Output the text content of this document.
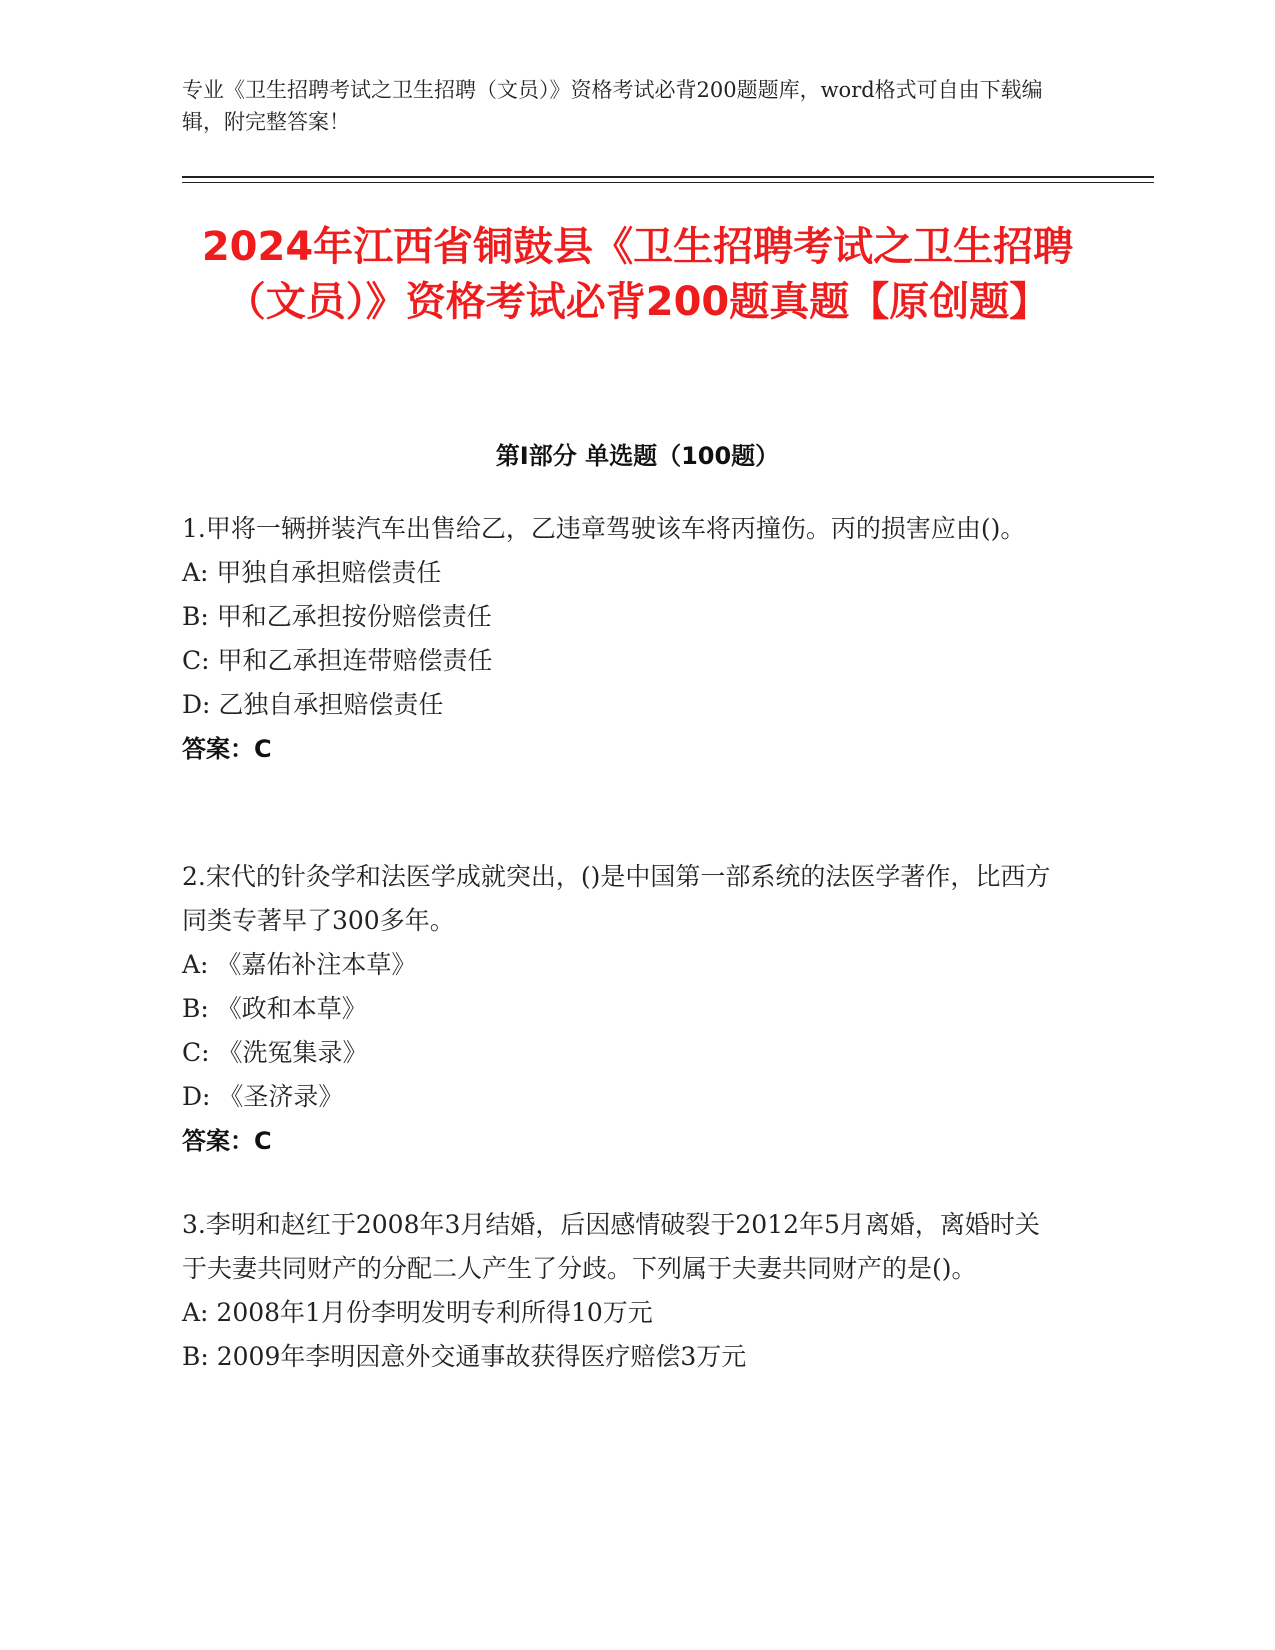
专业《卫生招聘考试之卫生招聘（文员）》资格考试必背200题题库，word格式可自由下载编辑，附完整答案！
2024年江西省铜鼓县《卫生招聘考试之卫生招聘（文员）》资格考试必背200题真题【原创题】
第I部分 单选题（100题）

1.甲将一辆拼装汽车出售给乙，乙违章驾驶该车将丙撞伤。丙的损害应由()。

A: 甲独自承担赔偿责任

B: 甲和乙承担按份赔偿责任

C: 甲和乙承担连带赔偿责任

D: 乙独自承担赔偿责任

答案：C

2.宋代的针灸学和法医学成就突出，()是中国第一部系统的法医学著作，比西方同类专著早了300多年。

A: 《嘉佑补注本草》

B: 《政和本草》

C: 《洗冤集录》

D: 《圣济录》

答案：C

3.李明和赵红于2008年3月结婚，后因感情破裂于2012年5月离婚，离婚时关于夫妻共同财产的分配二人产生了分歧。下列属于夫妻共同财产的是()。

A: 2008年1月份李明发明专利所得10万元

B: 2009年李明因意外交通事故获得医疗赔偿3万元
